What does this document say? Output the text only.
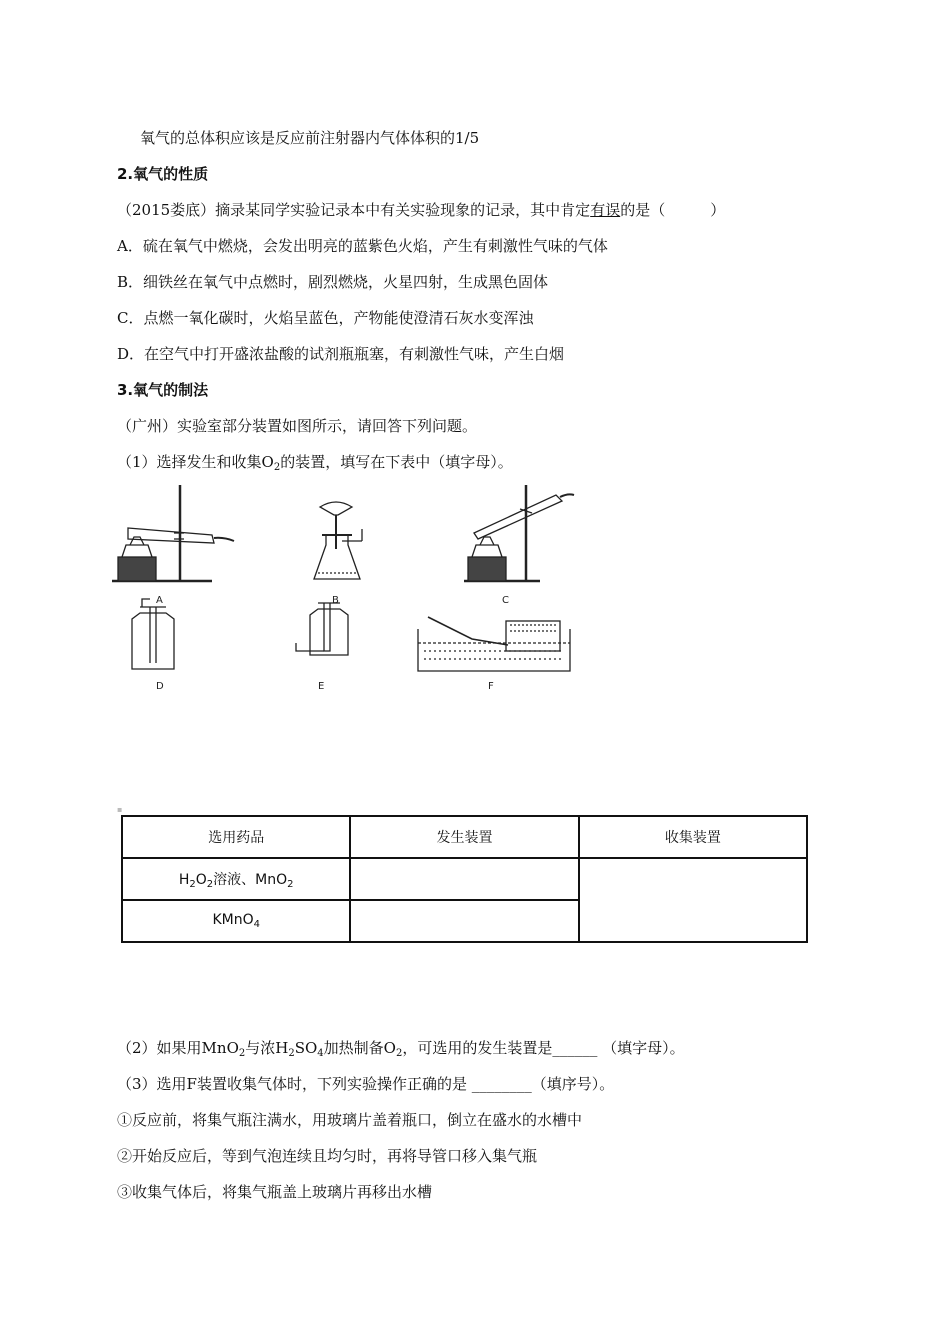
氧气的总体积应该是反应前注射器内气体体积的1/5
2.氧气的性质
（2015娄底）摘录某同学实验记录本中有关实验现象的记录，其中肯定有误的是（　　　）
A．硫在氧气中燃烧，会发出明亮的蓝紫色火焰，产生有刺激性气味的气体
B．细铁丝在氧气中点燃时，剧烈燃烧，火星四射，生成黑色固体
C．点燃一氧化碳时，火焰呈蓝色，产物能使澄清石灰水变浑浊
D．在空气中打开盛浓盐酸的试剂瓶瓶塞，有刺激性气味，产生白烟
3.氧气的制法
（广州）实验室部分装置如图所示，请回答下列问题。
（1）选择发生和收集$O_2$的装置，填写在下表中（填字母）。
A	B	C
D	E	F
▪
选用药品	发生装置	收集装置
$H_2O_2$溶液、MnO$_2$		
KMnO$_4$	
（2）如果用MnO$_2$与浓$H_2SO_4$加热制备$O_2$，可选用的发生装置是______ （填字母）。
（3）选用F装置收集气体时，下列实验操作正确的是 ________（填序号）。
①反应前，将集气瓶注满水，用玻璃片盖着瓶口，倒立在盛水的水槽中
②开始反应后，等到气泡连续且均匀时，再将导管口移入集气瓶
③收集气体后，将集气瓶盖上玻璃片再移出水槽
